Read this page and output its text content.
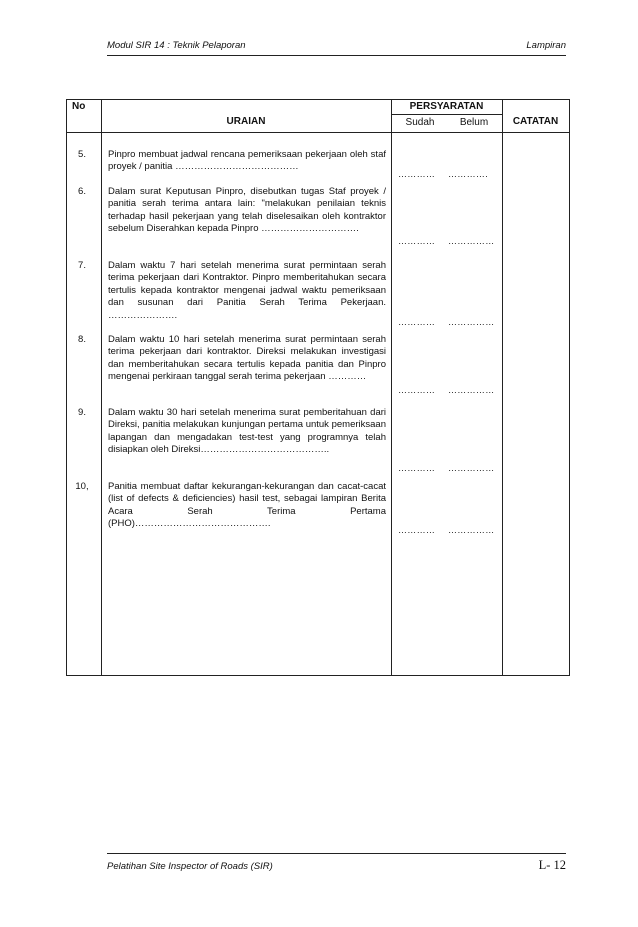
Modul SIR 14 : Teknik Pelaporan	Lampiran
No
URAIAN
PERSYARATAN
Sudah	Belum	CATATAN
5.	Pinpro membuat jadwal rencana pemeriksaan pekerjaan oleh staf proyek / panitia …………………………………
………… ………….
6.	Dalam surat Keputusan Pinpro, disebutkan tugas Staf proyek / panitia serah terima antara lain: "melakukan penilaian teknis terhadap hasil pekerjaan yang telah diselesaikan oleh kontraktor sebelum Diserahkan kepada Pinpro ………………………….
………… ……………
7.	Dalam waktu 7 hari setelah menerima surat permintaan serah terima pekerjaan dari Kontraktor. Pinpro memberitahukan secara tertulis kepada kontraktor mengenai jadwal waktu pemeriksaan dan susunan dari Panitia Serah Terima Pekerjaan. ………………….
………… ……………
8.	Dalam waktu 10 hari setelah menerima surat permintaan serah terima pekerjaan dari kontraktor. Direksi melakukan investigasi dan memberitahukan secara tertulis kepada panitia dan Pinpro mengenai perkiraan tanggal serah terima pekerjaan …………
………… ……………
9.	Dalam waktu 30 hari setelah menerima surat pemberitahuan dari Direksi, panitia melakukan kunjungan pertama untuk pemeriksaan lapangan dan mengadakan test-test yang programnya telah disiapkan oleh Direksi…………………………………..
………… ……………
10,	Panitia membuat daftar kekurangan-kekurangan dan cacat-cacat (list of defects & deficiencies) hasil test, sebagai lampiran Berita Acara Serah Terima Pertama (PHO)…………………………………….
………… ……………
Pelatihan Site Inspector of Roads (SIR)	L- 12
